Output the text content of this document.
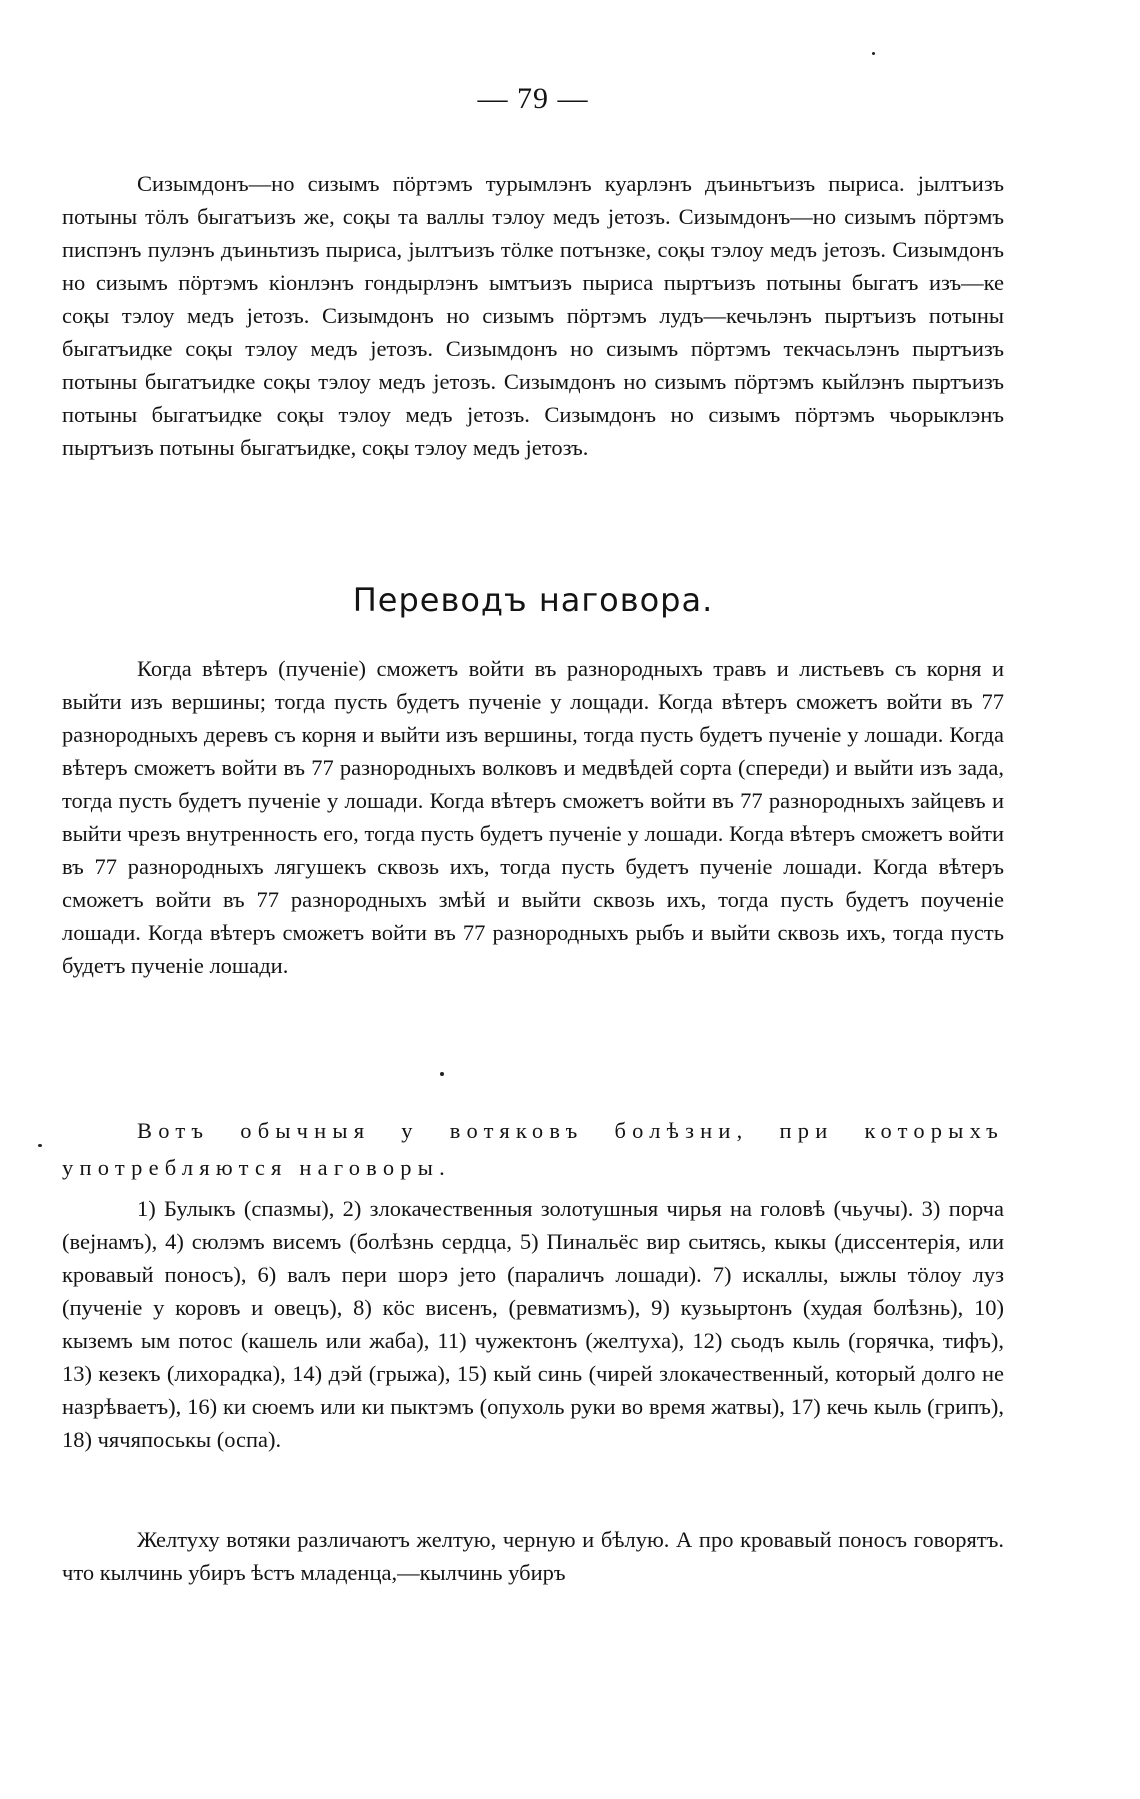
— 79 —

Сизымдонъ—но сизымъ пöртэмъ турымлэнъ куарлэнъ дъиньтъизъ пыриса. јылтъизъ потыны тöлъ быгатъизъ же, соқы та валлы тэлоу медъ јетозъ. Сизымдонъ—но сизымъ пöртэмъ писпэнъ пулэнъ дъиньтизъ пыриса, јылтъизъ тöлке потънзке, соқы тэлоу медъ јетозъ. Сизымдонъ но сизымъ пöртэмъ кiонлэнъ гондырлэнъ ымтъизъ пыриса пыртъизъ потыны быгатъ изъ—ке соқы тэлоу медъ јетозъ. Сизымдонъ но сизымъ пöртэмъ лудъ—кечьлэнъ пыртъизъ потыны быгатъидке соқы тэлоу медъ јетозъ. Сизымдонъ но сизымъ пöртэмъ текчасьлэнъ пыртъизъ потыны быгатъидке соқы тэлоу медъ јетозъ. Сизымдонъ но сизымъ пöртэмъ кыйлэнъ пыртъизъ потыны быгатъидке соқы тэлоу медъ јетозъ. Сизымдонъ но сизымъ пöртэмъ чьорыклэнъ пыртъизъ потыны быгатъидке, соқы тэлоу медъ јетозъ.

Переводъ наговора.

Когда вѣтеръ (пученіе) сможетъ войти въ разнородныхъ травъ и листьевъ съ корня и выйти изъ вершины; тогда пусть будетъ пученіе у лощади. Когда вѣтеръ сможетъ войти въ 77 разнородныхъ деревъ съ корня и выйти изъ вершины, тогда пусть будетъ пученіе у лошади. Когда вѣтеръ сможетъ войти въ 77 разнородныхъ волковъ и медвѣдей сорта (спереди) и выйти изъ зада, тогда пусть будетъ пученіе у лошади. Когда вѣтеръ сможетъ войти въ 77 разнородныхъ зайцевъ и выйти чрезъ внутренность его, тогда пусть будетъ пученіе у лошади. Когда вѣтеръ сможетъ войти въ 77 разнородныхъ лягушекъ сквозь ихъ, тогда пусть будетъ пученіе лошади. Когда вѣтеръ сможетъ войти въ 77 разнородныхъ змѣй и выйти сквозь ихъ, тогда пусть будетъ поученіе лошади. Когда вѣтеръ сможетъ войти въ 77 разнородныхъ рыбъ и выйти сквозь ихъ, тогда пусть будетъ пученіе лошади.

Вотъ обычныя у вотяковъ болѣзни, при которыхъ употребляются наговоры.

1) Булыкъ (спазмы), 2) злокачественныя золотушныя чирья на головѣ (чьучы). 3) порча (вејнамъ), 4) сюлэмъ висемъ (болѣзнь сердца, 5) Пинальёс вир сьитясь, кыкы (диссентерія, или кровавый поносъ), 6) валъ пери шорэ јето (параличъ лошади). 7) искаллы, ыжлы тöлоу луз (пученіе у коровъ и овецъ), 8) кöс висенъ, (ревматизмъ), 9) кузьыртонъ (худая болѣзнь), 10) кыземъ ым потос (кашель или жаба), 11) чужектонъ (желтуха), 12) сьодъ кыль (горячка, тифъ), 13) кезекъ (лихорадка), 14) дэй (грыжа), 15) кый синь (чирей злокачественный, который долго не назрѣваетъ), 16) ки сюемъ или ки пыктэмъ (опухоль руки во время жатвы), 17) кечь кыль (грипъ), 18) чячяпоськы (оспа).

Желтуху вотяки различаютъ желтую, черную и бѣлую. А про кровавый поносъ говорятъ. что кылчинь убиръ ѣстъ младенца,—кылчинь убиръ
